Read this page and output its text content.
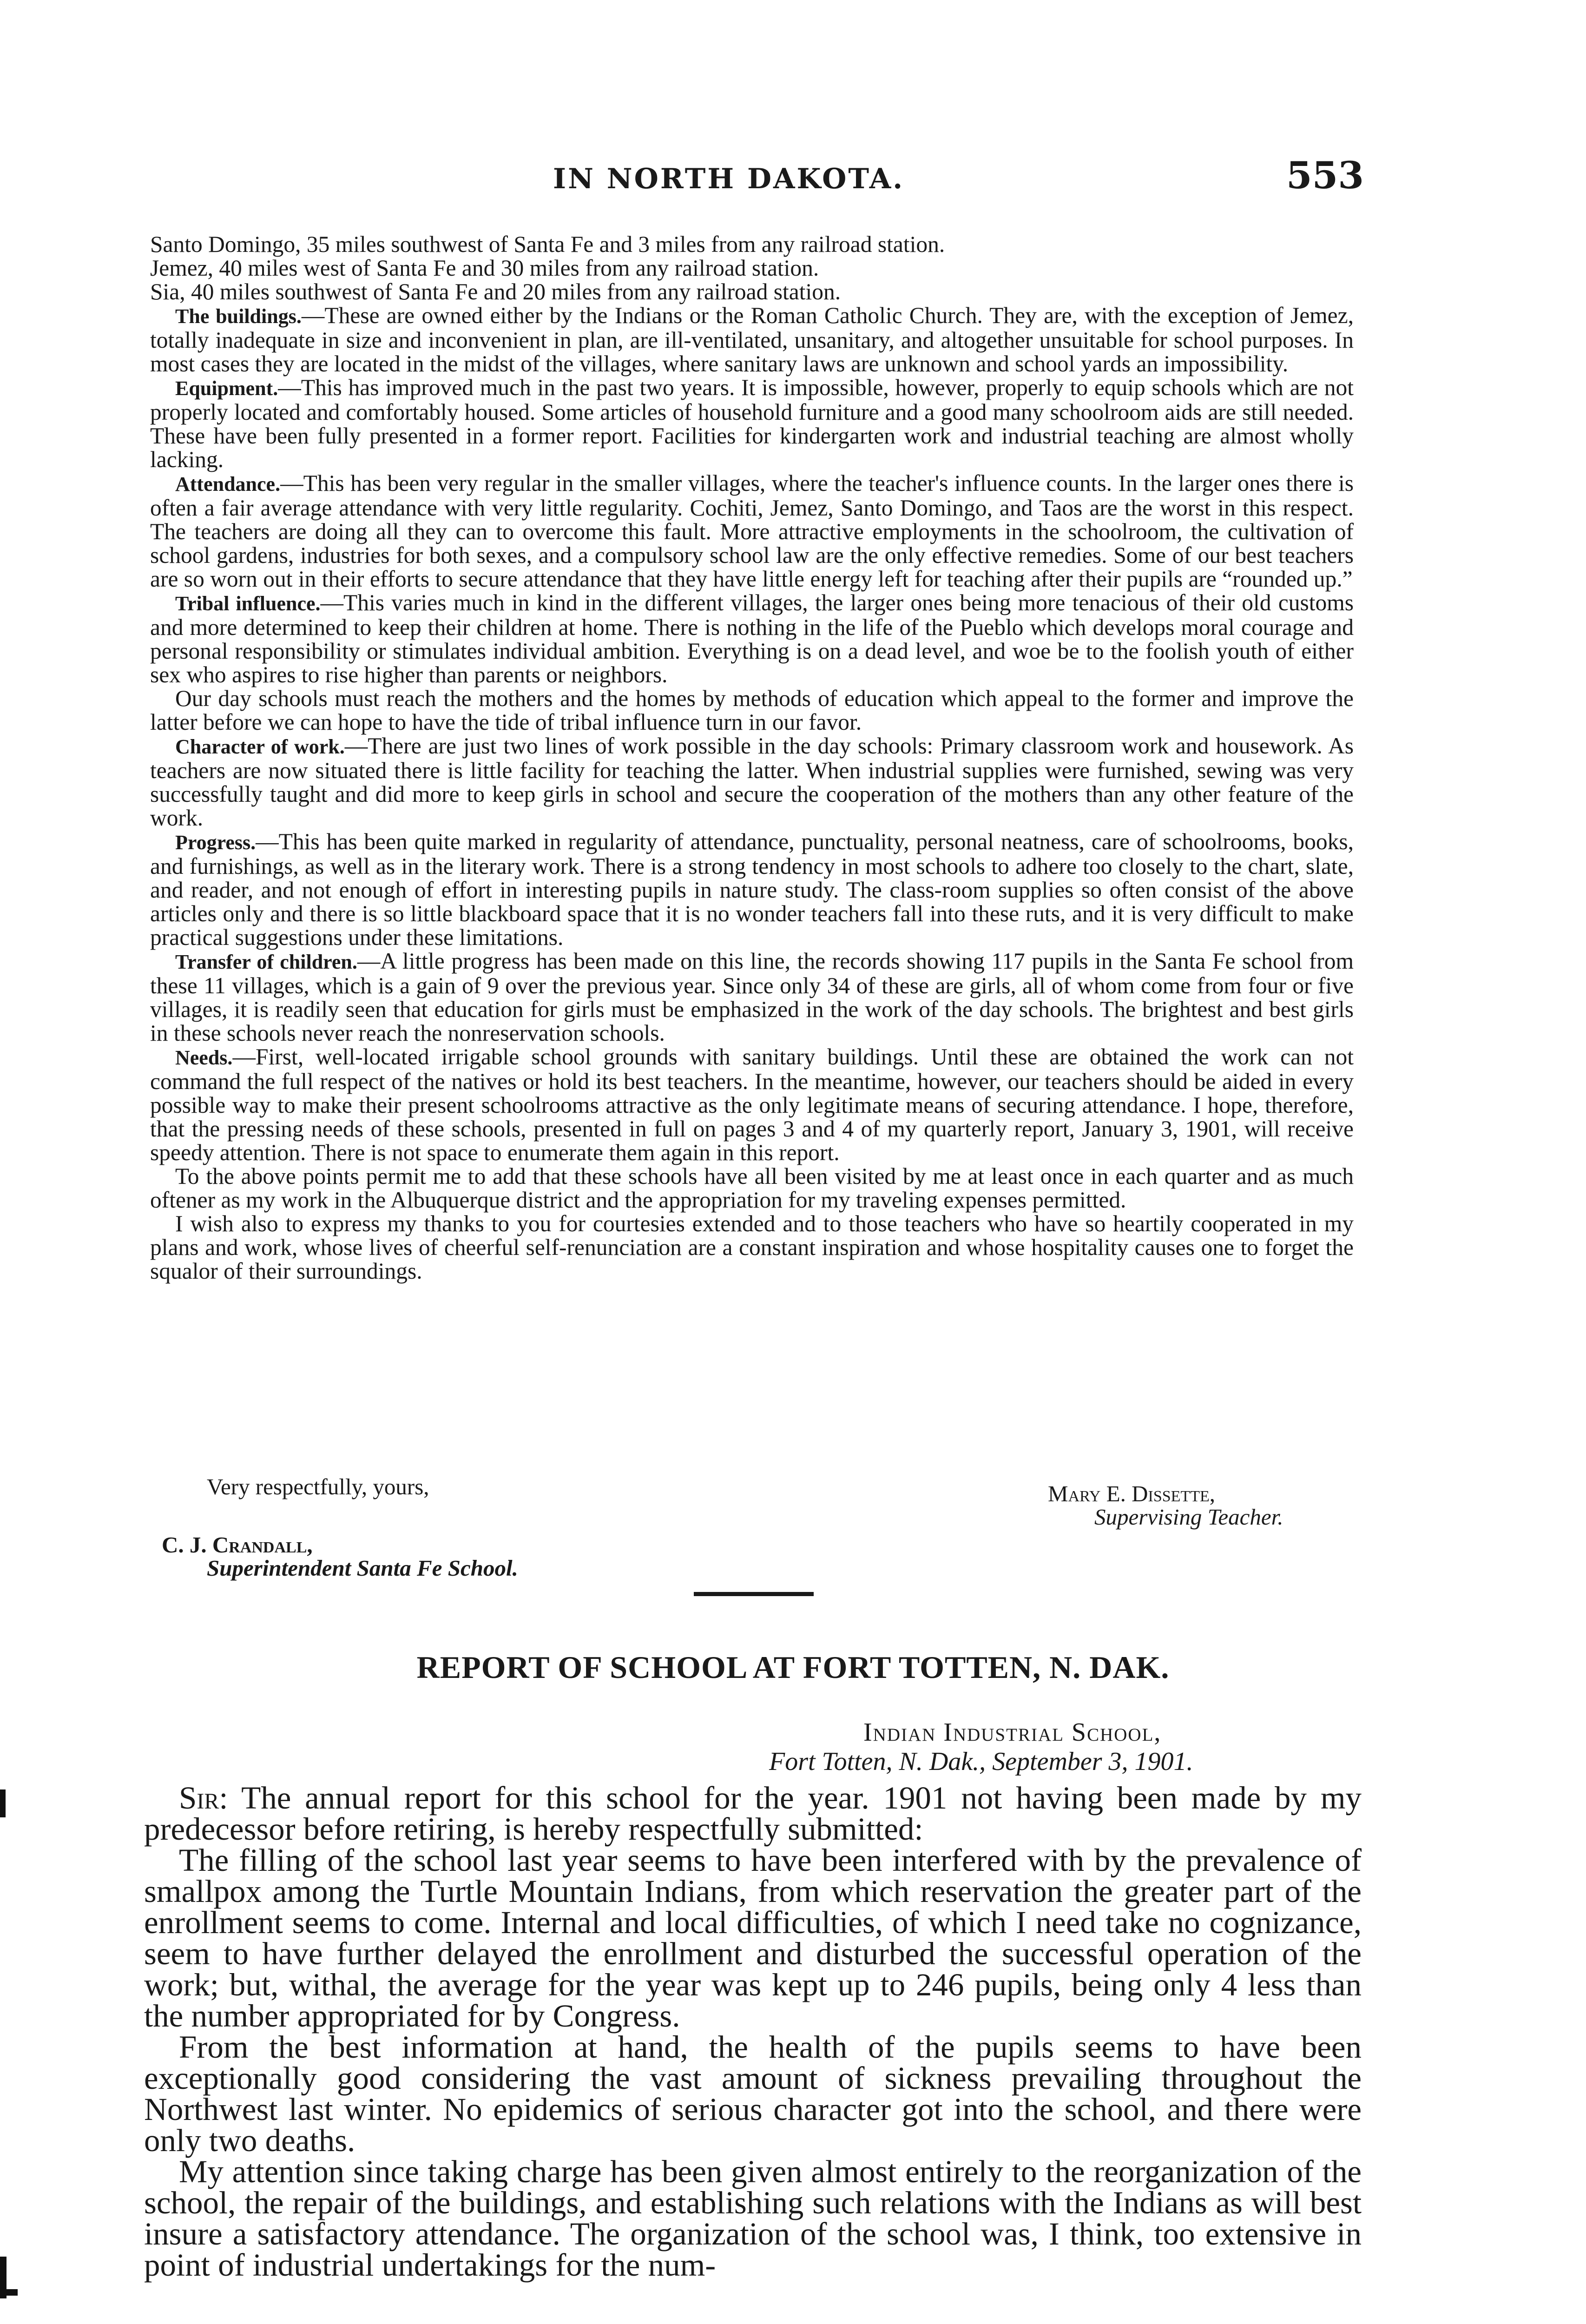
IN NORTH DAKOTA.	553

Santo Domingo, 35 miles southwest of Santa Fe and 3 miles from any railroad station.

Jemez, 40 miles west of Santa Fe and 30 miles from any railroad station.

Sia, 40 miles southwest of Santa Fe and 20 miles from any railroad station.

The buildings.—These are owned either by the Indians or the Roman Catholic Church. They are, with the exception of Jemez, totally inadequate in size and inconvenient in plan, are ill-ventilated, unsanitary, and altogether unsuitable for school purposes. In most cases they are located in the midst of the villages, where sanitary laws are unknown and school yards an impossibility.

Equipment.—This has improved much in the past two years. It is impossible, however, properly to equip schools which are not properly located and comfortably housed. Some articles of household furniture and a good many schoolroom aids are still needed. These have been fully presented in a former report. Facilities for kindergarten work and industrial teaching are almost wholly lacking.

Attendance.—This has been very regular in the smaller villages, where the teacher's influence counts. In the larger ones there is often a fair average attendance with very little regularity. Cochiti, Jemez, Santo Domingo, and Taos are the worst in this respect. The teachers are doing all they can to overcome this fault. More attractive employments in the schoolroom, the cultivation of school gardens, industries for both sexes, and a compulsory school law are the only effective remedies. Some of our best teachers are so worn out in their efforts to secure attendance that they have little energy left for teaching after their pupils are “rounded up.”

Tribal influence.—This varies much in kind in the different villages, the larger ones being more tenacious of their old customs and more determined to keep their children at home. There is nothing in the life of the Pueblo which develops moral courage and personal responsibility or stimulates individual ambition. Everything is on a dead level, and woe be to the foolish youth of either sex who aspires to rise higher than parents or neighbors.

Our day schools must reach the mothers and the homes by methods of education which appeal to the former and improve the latter before we can hope to have the tide of tribal influence turn in our favor.

Character of work.—There are just two lines of work possible in the day schools: Primary classroom work and housework. As teachers are now situated there is little facility for teaching the latter. When industrial supplies were furnished, sewing was very successfully taught and did more to keep girls in school and secure the cooperation of the mothers than any other feature of the work.

Progress.—This has been quite marked in regularity of attendance, punctuality, personal neatness, care of schoolrooms, books, and furnishings, as well as in the literary work. There is a strong tendency in most schools to adhere too closely to the chart, slate, and reader, and not enough of effort in interesting pupils in nature study. The class-room supplies so often consist of the above articles only and there is so little blackboard space that it is no wonder teachers fall into these ruts, and it is very difficult to make practical suggestions under these limitations.

Transfer of children.—A little progress has been made on this line, the records showing 117 pupils in the Santa Fe school from these 11 villages, which is a gain of 9 over the previous year. Since only 34 of these are girls, all of whom come from four or five villages, it is readily seen that education for girls must be emphasized in the work of the day schools. The brightest and best girls in these schools never reach the nonreservation schools.

Needs.—First, well-located irrigable school grounds with sanitary buildings. Until these are obtained the work can not command the full respect of the natives or hold its best teachers. In the meantime, however, our teachers should be aided in every possible way to make their present schoolrooms attractive as the only legitimate means of securing attendance. I hope, therefore, that the pressing needs of these schools, presented in full on pages 3 and 4 of my quarterly report, January 3, 1901, will receive speedy attention. There is not space to enumerate them again in this report.

To the above points permit me to add that these schools have all been visited by me at least once in each quarter and as much oftener as my work in the Albuquerque district and the appropriation for my traveling expenses permitted.

I wish also to express my thanks to you for courtesies extended and to those teachers who have so heartily cooperated in my plans and work, whose lives of cheerful self-renunciation are a constant inspiration and whose hospitality causes one to forget the squalor of their surroundings.

Very respectfully, yours,	Mary E. Dissette,
Supervising Teacher.
C. J. Crandall,
Superintendent Santa Fe School.
REPORT OF SCHOOL AT FORT TOTTEN, N. DAK.
Indian Industrial School,
Fort Totten, N. Dak., September 3, 1901.

Sir: The annual report for this school for the year. 1901 not having been made by my predecessor before retiring, is hereby respectfully submitted:

The filling of the school last year seems to have been interfered with by the prevalence of smallpox among the Turtle Mountain Indians, from which reservation the greater part of the enrollment seems to come. Internal and local difficulties, of which I need take no cognizance, seem to have further delayed the enrollment and disturbed the successful operation of the work; but, withal, the average for the year was kept up to 246 pupils, being only 4 less than the number appropriated for by Congress.

From the best information at hand, the health of the pupils seems to have been exceptionally good considering the vast amount of sickness prevailing throughout the Northwest last winter. No epidemics of serious character got into the school, and there were only two deaths.

My attention since taking charge has been given almost entirely to the reorganization of the school, the repair of the buildings, and establishing such relations with the Indians as will best insure a satisfactory attendance. The organization of the school was, I think, too extensive in point of industrial undertakings for the num-
